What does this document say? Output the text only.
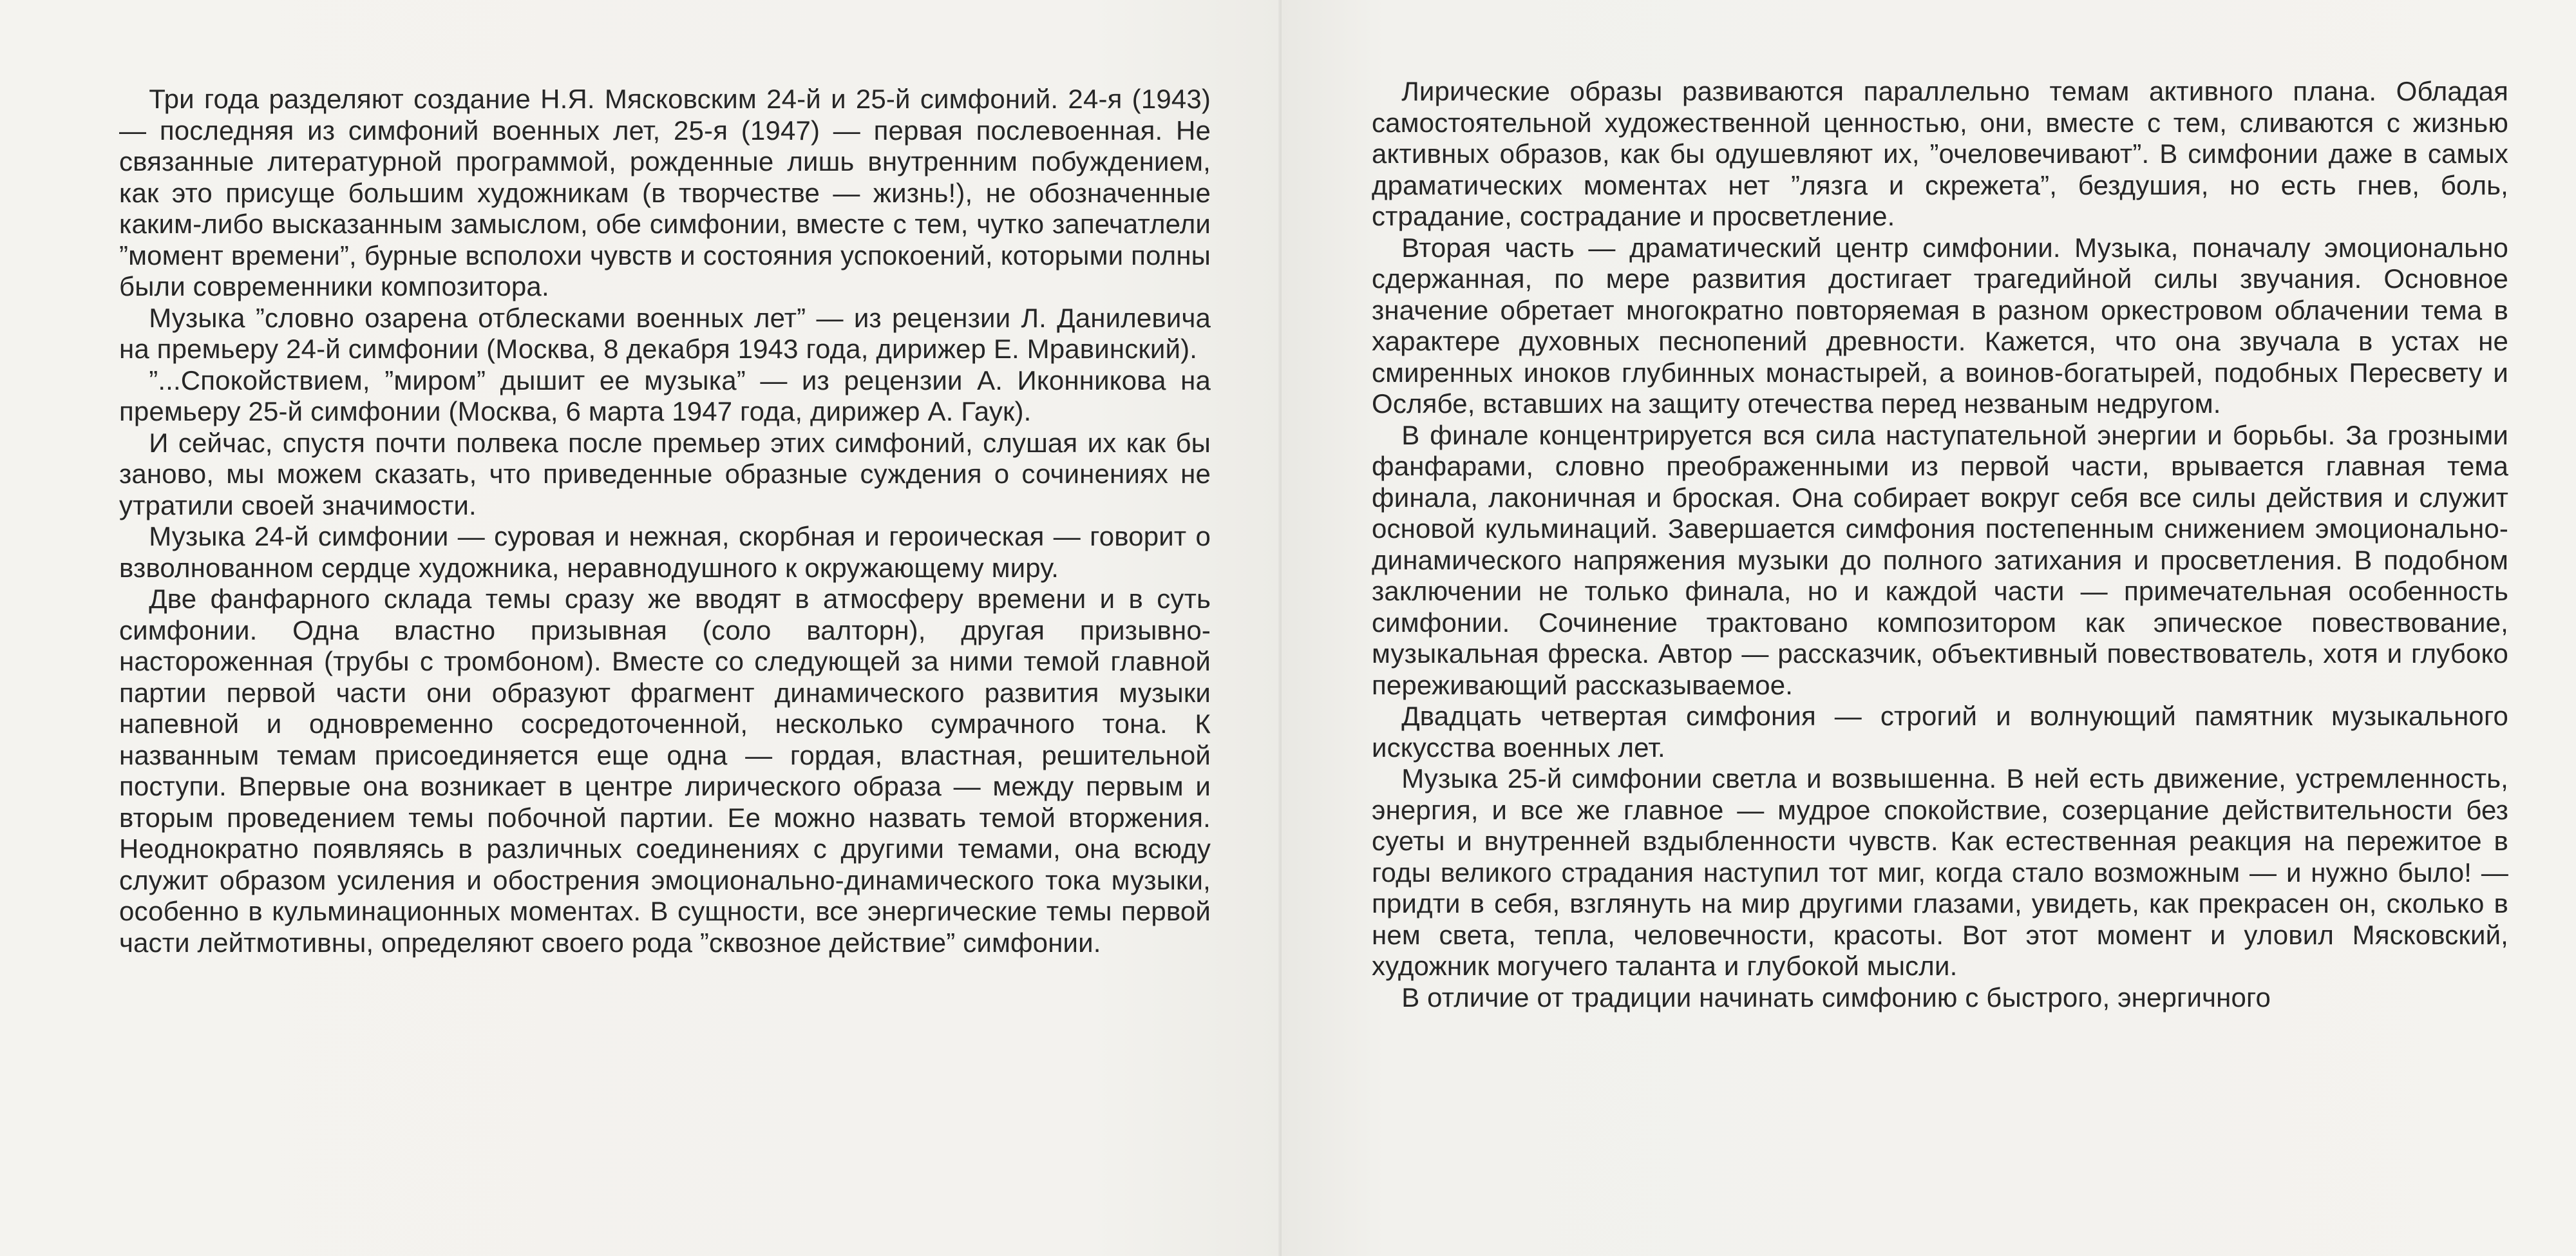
Три года разделяют создание Н.Я. Мясковским 24-й и 25-й симфоний. 24-я (1943) — последняя из симфоний военных лет, 25-я (1947) — первая послевоенная. Не связанные литературной программой, рожденные лишь внутренним побуждением, как это присуще большим художникам (в творчестве — жизнь!), не обозначенные каким-либо высказанным замыслом, обе симфонии, вместе с тем, чутко запечатлели ”момент времени”, бурные всполохи чувств и состояния успокоений, которыми полны были современники композитора.

Музыка ”словно озарена отблесками военных лет” — из рецензии Л. Данилевича на премьеру 24-й симфонии (Москва, 8 декабря 1943 года, дирижер Е. Мравинский).

”...Спокойствием, ”миром” дышит ее музыка” — из рецензии А. Иконникова на премьеру 25-й симфонии (Москва, 6 марта 1947 года, дирижер А. Гаук).

И сейчас, спустя почти полвека после премьер этих симфоний, слушая их как бы заново, мы можем сказать, что приведенные образные суждения о сочинениях не утратили своей значимости.

Музыка 24-й симфонии — суровая и нежная, скорбная и героическая — говорит о взволнованном сердце художника, неравнодушного к окружающему миру.

Две фанфарного склада темы сразу же вводят в атмосферу времени и в суть симфонии. Одна властно призывная (соло валторн), другая призывно-настороженная (трубы с тромбоном). Вместе со следующей за ними темой главной партии первой части они образуют фрагмент динамического развития музыки напевной и одновременно сосредоточенной, несколько сумрачного тона. К названным темам присоединяется еще одна — гордая, властная, решительной поступи. Впервые она возникает в центре лирического образа — между первым и вторым проведением темы побочной партии. Ее можно назвать темой вторжения. Неоднократно появляясь в различных соединениях с другими темами, она всюду служит образом усиления и обострения эмоционально-динамического тока музыки, особенно в кульминационных моментах. В сущности, все энергические темы первой части лейтмотивны, определяют своего рода ”сквозное действие” симфонии.

Лирические образы развиваются параллельно темам активного плана. Обладая самостоятельной художественной ценностью, они, вместе с тем, сливаются с жизнью активных образов, как бы одушевляют их, ”очеловечивают”. В симфонии даже в самых драматических моментах нет ”лязга и скрежета”, бездушия, но есть гнев, боль, страдание, сострадание и просветление.

Вторая часть — драматический центр симфонии. Музыка, поначалу эмоционально сдержанная, по мере развития достигает трагедийной силы звучания. Основное значение обретает многократно повторяемая в разном оркестровом облачении тема в характере духовных песнопений древности. Кажется, что она звучала в устах не смиренных иноков глубинных монастырей, а воинов-богатырей, подобных Пересвету и Ослябе, вставших на защиту отечества перед незваным недругом.

В финале концентрируется вся сила наступательной энергии и борьбы. За грозными фанфарами, словно преображенными из первой части, врывается главная тема финала, лаконичная и броская. Она собирает вокруг себя все силы действия и служит основой кульминаций. Завершается симфония постепенным снижением эмоционально-динамического напряжения музыки до полного затихания и просветления. В подобном заключении не только финала, но и каждой части — примечательная особенность симфонии. Сочинение трактовано композитором как эпическое повествование, музыкальная фреска. Автор — рассказчик, объективный повествователь, хотя и глубоко переживающий рассказываемое.

Двадцать четвертая симфония — строгий и волнующий памятник музыкального искусства военных лет.

Музыка 25-й симфонии светла и возвышенна. В ней есть движение, устремленность, энергия, и все же главное — мудрое спокойствие, созерцание действительности без суеты и внутренней вздыбленности чувств. Как естественная реакция на пережитое в годы великого страдания наступил тот миг, когда стало возможным — и нужно было! — придти в себя, взглянуть на мир другими глазами, увидеть, как прекрасен он, сколько в нем света, тепла, человечности, красоты. Вот этот момент и уловил Мясковский, художник могучего таланта и глубокой мысли.

В отличие от традиции начинать симфонию с быстрого, энергичного
